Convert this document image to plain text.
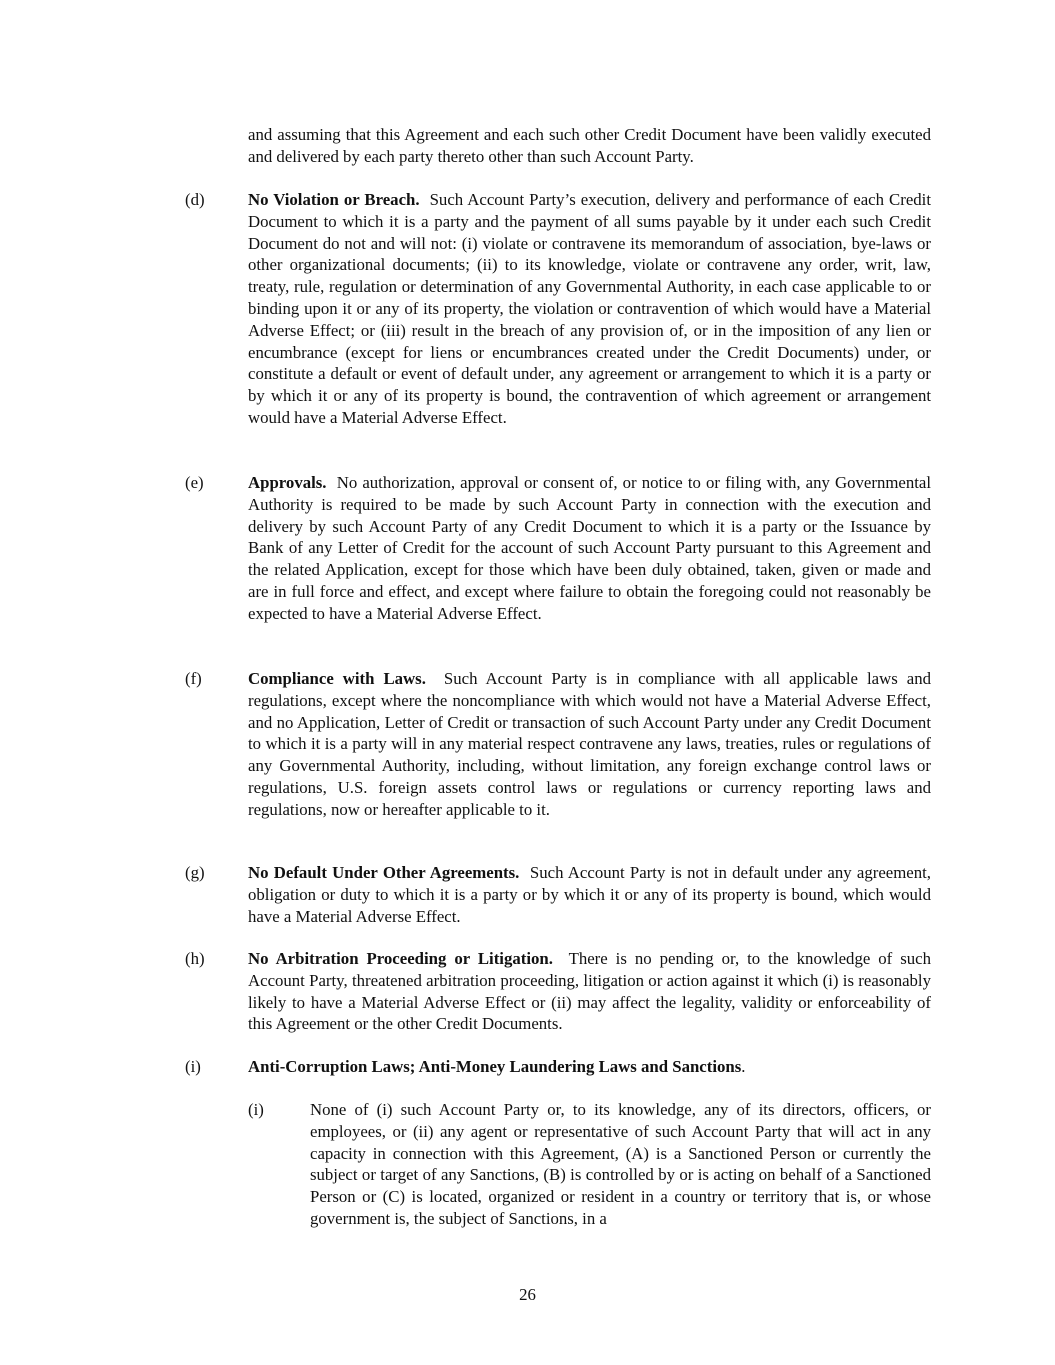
and assuming that this Agreement and each such other Credit Document have been validly executed and delivered by each party thereto other than such Account Party.

(d)	No Violation or Breach. Such Account Party’s execution, delivery and performance of each Credit Document to which it is a party and the payment of all sums payable by it under each such Credit Document do not and will not: (i) violate or contravene its memorandum of association, bye-laws or other organizational documents; (ii) to its knowledge, violate or contravene any order, writ, law, treaty, rule, regulation or determination of any Governmental Authority, in each case applicable to or binding upon it or any of its property, the violation or contravention of which would have a Material Adverse Effect; or (iii) result in the breach of any provision of, or in the imposition of any lien or encumbrance (except for liens or encumbrances created under the Credit Documents) under, or constitute a default or event of default under, any agreement or arrangement to which it is a party or by which it or any of its property is bound, the contravention of which agreement or arrangement would have a Material Adverse Effect.

(e)	Approvals. No authorization, approval or consent of, or notice to or filing with, any Governmental Authority is required to be made by such Account Party in connection with the execution and delivery by such Account Party of any Credit Document to which it is a party or the Issuance by Bank of any Letter of Credit for the account of such Account Party pursuant to this Agreement and the related Application, except for those which have been duly obtained, taken, given or made and are in full force and effect, and except where failure to obtain the foregoing could not reasonably be expected to have a Material Adverse Effect.

(f)	Compliance with Laws. Such Account Party is in compliance with all applicable laws and regulations, except where the noncompliance with which would not have a Material Adverse Effect, and no Application, Letter of Credit or transaction of such Account Party under any Credit Document to which it is a party will in any material respect contravene any laws, treaties, rules or regulations of any Governmental Authority, including, without limitation, any foreign exchange control laws or regulations, U.S. foreign assets control laws or regulations or currency reporting laws and regulations, now or hereafter applicable to it.

(g)	No Default Under Other Agreements. Such Account Party is not in default under any agreement, obligation or duty to which it is a party or by which it or any of its property is bound, which would have a Material Adverse Effect.

(h)	No Arbitration Proceeding or Litigation. There is no pending or, to the knowledge of such Account Party, threatened arbitration proceeding, litigation or action against it which (i) is reasonably likely to have a Material Adverse Effect or (ii) may affect the legality, validity or enforceability of this Agreement or the other Credit Documents.

(i)	Anti-Corruption Laws; Anti-Money Laundering Laws and Sanctions.

(i)	None of (i) such Account Party or, to its knowledge, any of its directors, officers, or employees, or (ii) any agent or representative of such Account Party that will act in any capacity in connection with this Agreement, (A) is a Sanctioned Person or currently the subject or target of any Sanctions, (B) is controlled by or is acting on behalf of a Sanctioned Person or (C) is located, organized or resident in a country or territory that is, or whose government is, the subject of Sanctions, in a

26
